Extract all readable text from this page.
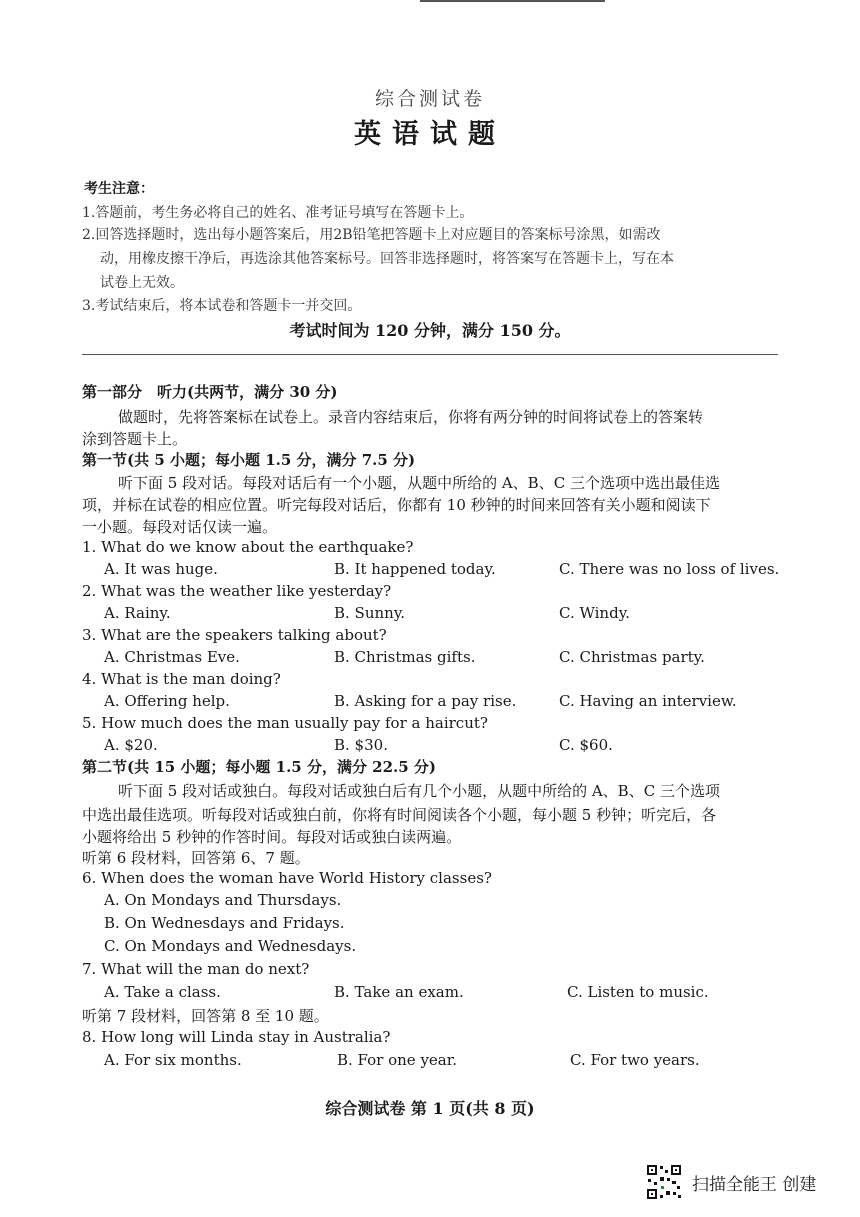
综合测试卷
英语试题
考生注意：
1.答题前，考生务必将自己的姓名、准考证号填写在答题卡上。
2.回答选择题时，选出每小题答案后，用2B铅笔把答题卡上对应题目的答案标号涂黑，如需改
动，用橡皮擦干净后，再选涂其他答案标号。回答非选择题时，将答案写在答题卡上，写在本
试卷上无效。
3.考试结束后，将本试卷和答题卡一并交回。
考试时间为 120 分钟，满分 150 分。
第一部分　听力(共两节，满分 30 分)
做题时，先将答案标在试卷上。录音内容结束后，你将有两分钟的时间将试卷上的答案转
涂到答题卡上。
第一节(共 5 小题；每小题 1.5 分，满分 7.5 分)
听下面 5 段对话。每段对话后有一个小题，从题中所给的 A、B、C 三个选项中选出最佳选
项，并标在试卷的相应位置。听完每段对话后，你都有 10 秒钟的时间来回答有关小题和阅读下
一小题。每段对话仅读一遍。
1. What do we know about the earthquake?
A. It was huge.	B. It happened today.	C. There was no loss of lives.
2. What was the weather like yesterday?
A. Rainy.	B. Sunny.	C. Windy.
3. What are the speakers talking about?
A. Christmas Eve.	B. Christmas gifts.	C. Christmas party.
4. What is the man doing?
A. Offering help.	B. Asking for a pay rise.	C. Having an interview.
5. How much does the man usually pay for a haircut?
A. $20.	B. $30.	C. $60.
第二节(共 15 小题；每小题 1.5 分，满分 22.5 分)
听下面 5 段对话或独白。每段对话或独白后有几个小题，从题中所给的 A、B、C 三个选项
中选出最佳选项。听每段对话或独白前，你将有时间阅读各个小题，每小题 5 秒钟；听完后，各
小题将给出 5 秒钟的作答时间。每段对话或独白读两遍。
听第 6 段材料，回答第 6、7 题。
6. When does the woman have World History classes?
A. On Mondays and Thursdays.
B. On Wednesdays and Fridays.
C. On Mondays and Wednesdays.
7. What will the man do next?
A. Take a class.	B. Take an exam.	C. Listen to music.
听第 7 段材料，回答第 8 至 10 题。
8. How long will Linda stay in Australia?
A. For six months.	B. For one year.	C. For two years.
综合测试卷 第 1 页(共 8 页)
扫描全能王 创建
